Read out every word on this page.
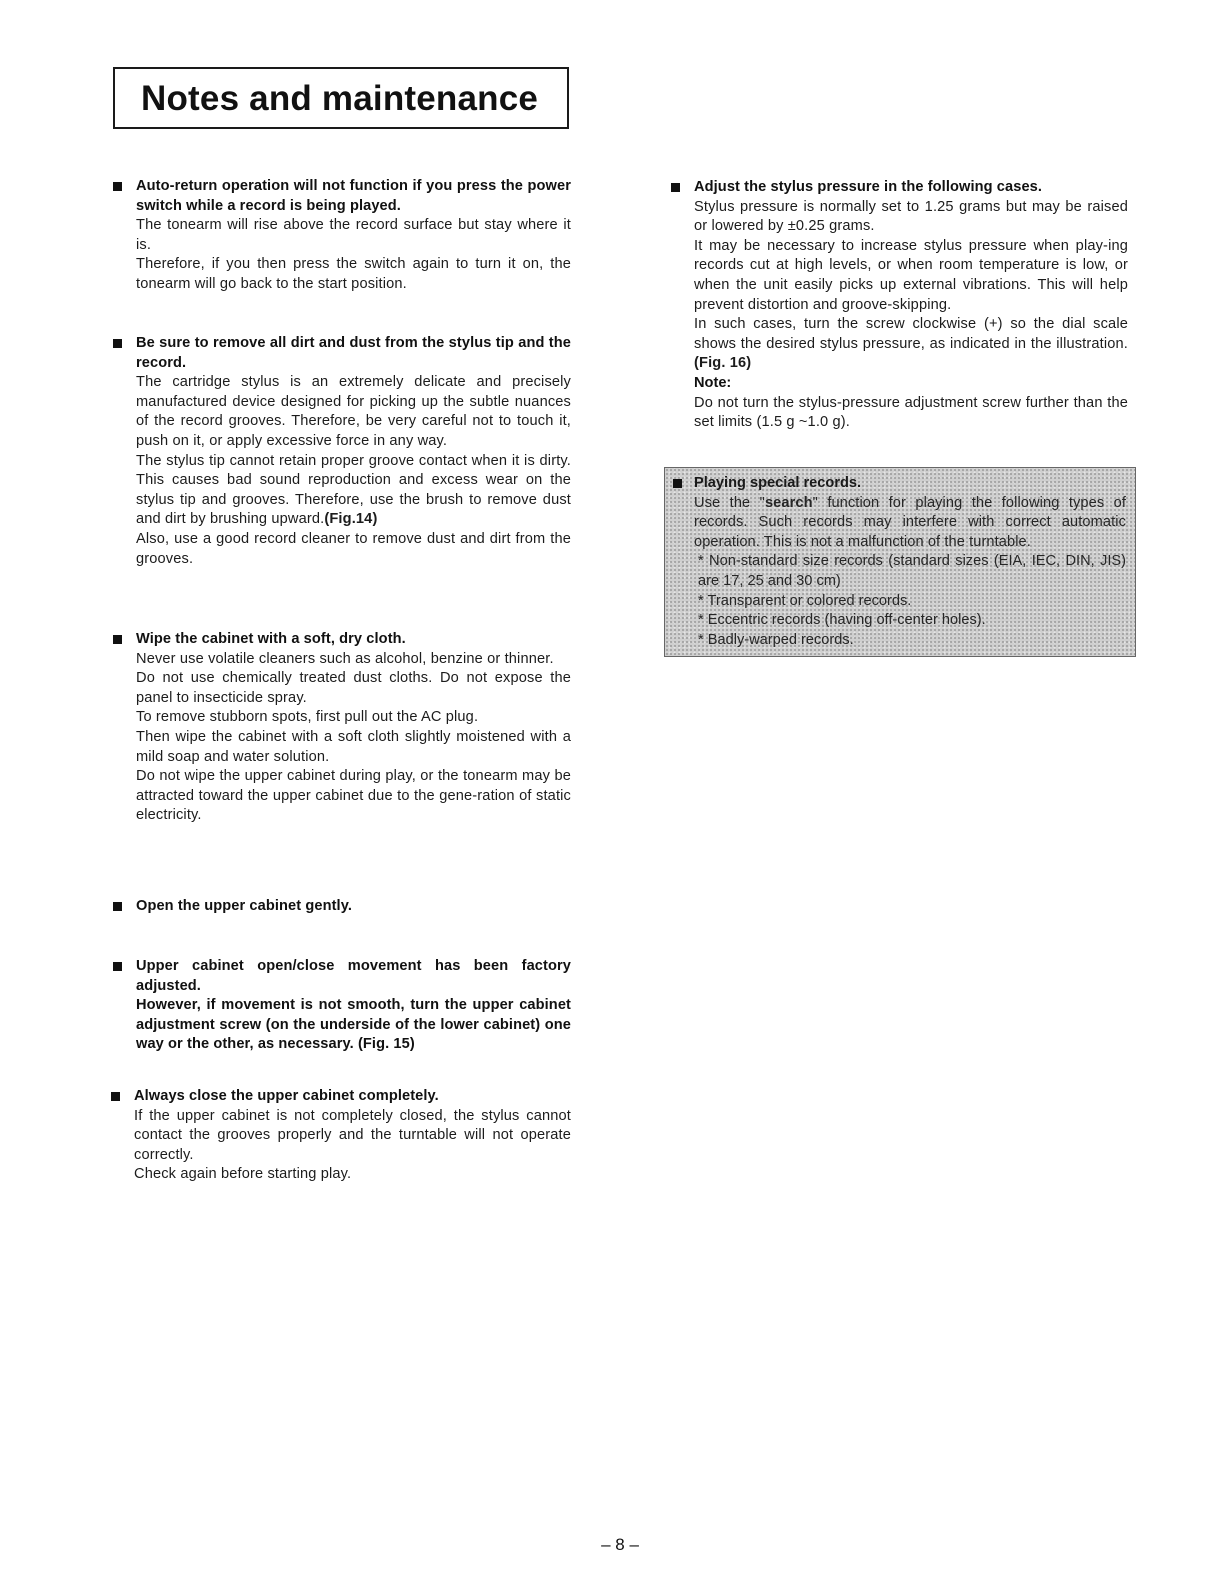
Notes and maintenance
Auto-return operation will not function if you press the power switch while a record is being played.

The tonearm will rise above the record surface but stay where it is.

Therefore, if you then press the switch again to turn it on, the tonearm will go back to the start position.

Be sure to remove all dirt and dust from the stylus tip and the record.

The cartridge stylus is an extremely delicate and precisely manufactured device designed for picking up the subtle nuances of the record grooves. Therefore, be very careful not to touch it, push on it, or apply excessive force in any way.

The stylus tip cannot retain proper groove contact when it is dirty. This causes bad sound reproduction and excess wear on the stylus tip and grooves. Therefore, use the brush to remove dust and dirt by brushing upward.(Fig.14)

Also, use a good record cleaner to remove dust and dirt from the grooves.

Wipe the cabinet with a soft, dry cloth.

Never use volatile cleaners such as alcohol, benzine or thinner.

Do not use chemically treated dust cloths. Do not expose the panel to insecticide spray.

To remove stubborn spots, first pull out the AC plug.

Then wipe the cabinet with a soft cloth slightly moistened with a mild soap and water solution.

Do not wipe the upper cabinet during play, or the tonearm may be attracted toward the upper cabinet due to the gene-ration of static electricity.

Open the upper cabinet gently.
Upper cabinet open/close movement has been factory adjusted.
However, if movement is not smooth, turn the upper cabinet adjustment screw (on the underside of the lower cabinet) one way or the other, as necessary. (Fig. 15)
Always close the upper cabinet completely.

If the upper cabinet is not completely closed, the stylus cannot contact the grooves properly and the turntable will not operate correctly.

Check again before starting play.

Adjust the stylus pressure in the following cases.

Stylus pressure is normally set to 1.25 grams but may be raised or lowered by ±0.25 grams.

It may be necessary to increase stylus pressure when play-ing records cut at high levels, or when room temperature is low, or when the unit easily picks up external vibrations. This will help prevent distortion and groove-skipping.

In such cases, turn the screw clockwise (+) so the dial scale shows the desired stylus pressure, as indicated in the illustration. (Fig. 16)

Note:

Do not turn the stylus-pressure adjustment screw further than the set limits (1.5 g ~1.0 g).

Playing special records.

Use the "search" function for playing the following types of records. Such records may interfere with correct automatic operation. This is not a malfunction of the turntable.

* Non-standard size records (standard sizes (EIA, IEC, DIN, JIS) are 17, 25 and 30 cm)
* Transparent or colored records.
* Eccentric records (having off-center holes).
* Badly-warped records.
– 8 –
